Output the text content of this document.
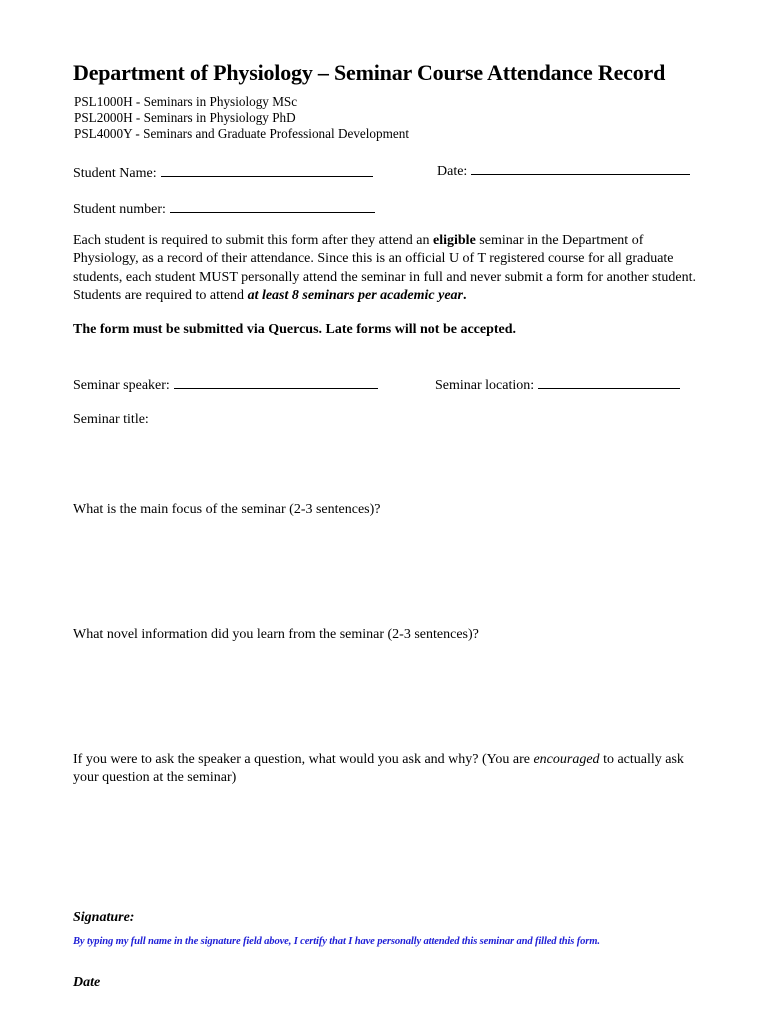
Department of Physiology – Seminar Course Attendance Record
PSL1000H - Seminars in Physiology MSc
PSL2000H - Seminars in Physiology PhD
PSL4000Y - Seminars and Graduate Professional Development
Student Name:	Date:
Student number:
Each student is required to submit this form after they attend an eligible seminar in the Department of Physiology, as a record of their attendance. Since this is an official U of T registered course for all graduate students, each student MUST personally attend the seminar in full and never submit a form for another student. Students are required to attend at least 8 seminars per academic year.
The form must be submitted via Quercus. Late forms will not be accepted.
Seminar speaker:	Seminar location:
Seminar title:
What is the main focus of the seminar (2-3 sentences)?
What novel information did you learn from the seminar (2-3 sentences)?
If you were to ask the speaker a question, what would you ask and why? (You are encouraged to actually ask your question at the seminar)
Signature:
By typing my full name in the signature field above, I certify that I have personally attended this seminar and filled this form.
Date
